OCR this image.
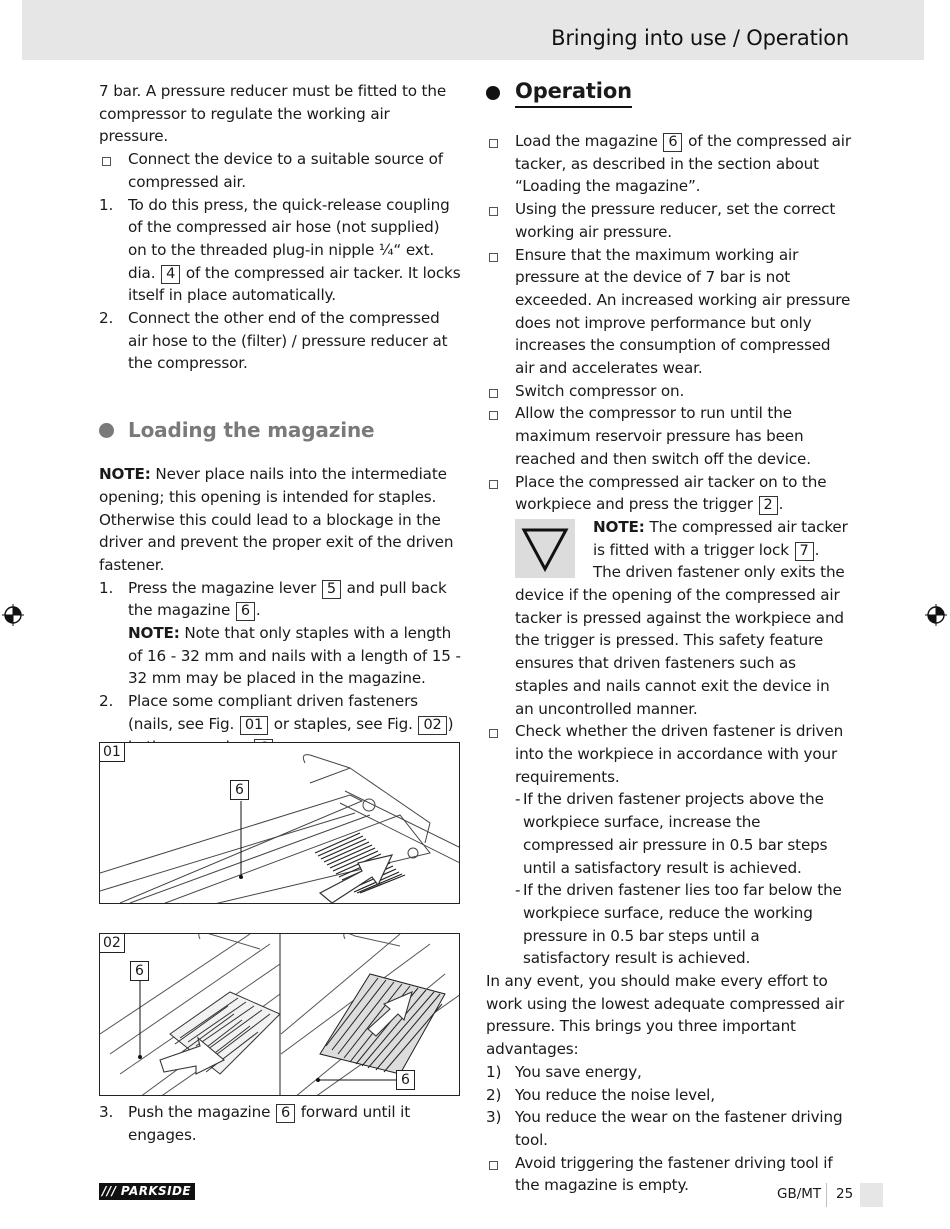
Bringing into use / Operation

7 bar. A pressure reducer must be fitted to the compressor to regulate the working air pressure.

Connect the device to a suitable source of compressed air.

1. To do this press, the quick-release coupling of the compressed air hose (not supplied) on to the threaded plug-in nipple ¼“ ext. dia. 4 of the compressed air tacker. It locks itself in place automatically.

2. Connect the other end of the compressed air hose to the (filter) / pressure reducer at the compressor.

Loading the magazine

NOTE: Never place nails into the intermediate opening; this opening is intended for staples. Otherwise this could lead to a blockage in the driver and prevent the proper exit of the driven fastener.

1. Press the magazine lever 5 and pull back the magazine 6 .

NOTE: Note that only staples with a length of 16 - 32 mm and nails with a length of 15 - 32 mm may be placed in the magazine.

2. Place some compliant driven fasteners (nails, see Fig. 01 or staples, see Fig. 02 )

01
6
02
6
6

3. Push the magazine 6 forward until it engages.

Operation

Load the magazine 6 of the compressed air tacker, as described in the section about “Loading the magazine”.

Using the pressure reducer, set the correct working air pressure.

Ensure that the maximum working air pressure at the device of 7 bar is not exceeded. An increased working air pressure does not improve performance but only increases the consumption of compressed air and accelerates wear.

Switch compressor on.

Allow the compressor to run until the maximum reservoir pressure has been reached and then switch off the device.

Place the compressed air tacker on to the workpiece and press the trigger 2 .

NOTE: The compressed air tacker is fitted with a trigger lock 7 . The driven fastener only exits the device if the opening of the compressed air tacker is pressed against the workpiece and the trigger is pressed. This safety feature ensures that driven fasteners such as staples and nails cannot exit the device in an uncontrolled manner.

Check whether the driven fastener is driven into the workpiece in accordance with your requirements.

- If the driven fastener projects above the workpiece surface, increase the compressed air pressure in 0.5 bar steps until a satisfactory result is achieved.

- If the driven fastener lies too far below the workpiece surface, reduce the working pressure in 0.5 bar steps until a satisfactory result is achieved.

In any event, you should make every effort to work using the lowest adequate compressed air pressure. This brings you three important advantages:

1) You save energy,

2) You reduce the noise level,

3) You reduce the wear on the fastener driving tool.

Avoid triggering the fastener driving tool if the magazine is empty.

/// PARKSIDE	GB/MT 25
